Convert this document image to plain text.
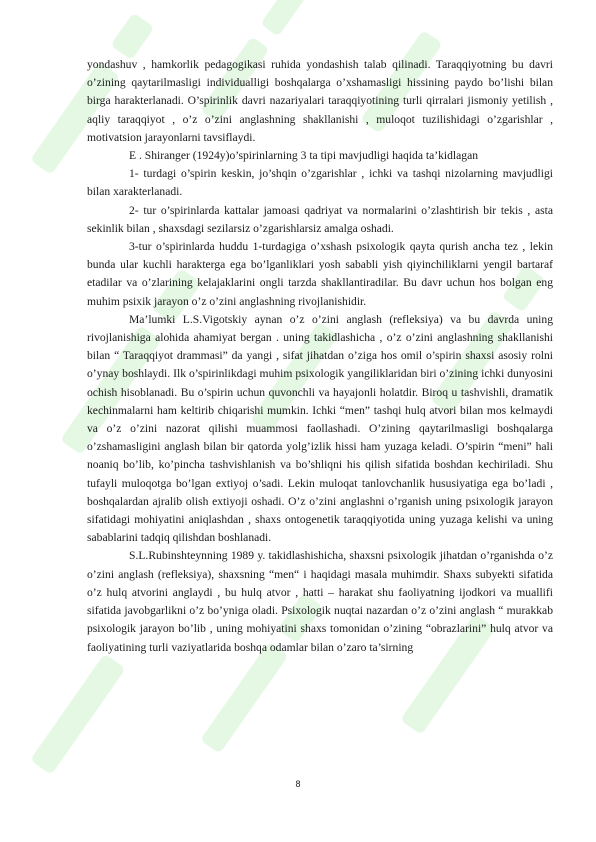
yondashuv , hamkorlik pedagogikasi ruhida yondashish talab qilinadi. Taraqqiyotning bu davri o’zining qaytarilmasligi individualligi boshqalarga o’xshamasligi hissining paydo bo’lishi bilan birga harakterlanadi. O’spirinlik davri nazariyalari taraqqiyotining turli qirralari jismoniy yetilish , aqliy taraqqiyot , o’z o’zini anglashning shakllanishi , muloqot tuzilishidagi o’zgarishlar , motivatsion jarayonlarni tavsiflaydi.

E . Shiranger (1924y)o’spirinlarning 3 ta tipi mavjudligi haqida ta’kidlagan

1- turdagi o’spirin keskin, jo’shqin o’zgarishlar , ichki va tashqi nizolarning mavjudligi bilan xarakterlanadi.

2- tur o’spirinlarda kattalar jamoasi qadriyat va normalarini o’zlashtirish bir tekis , asta sekinlik bilan , shaxsdagi sezilarsiz o’zgarishlarsiz amalga oshadi.

3-tur o’spirinlarda huddu 1-turdagiga o’xshash psixologik qayta qurish ancha tez , lekin bunda ular kuchli harakterga ega bo’lganliklari yosh sababli yish qiyinchiliklarni yengil bartaraf etadilar va o’zlarining kelajaklarini ongli tarzda shakllantiradilar. Bu davr uchun hos bolgan eng muhim psixik jarayon o’z o’zini anglashning rivojlanishidir.

Ma’lumki L.S.Vigotskiy aynan o’z o’zini anglash (refleksiya) va bu davrda uning rivojlanishiga alohida ahamiyat bergan . uning takidlashicha , o’z o’zini anglashning shakllanishi bilan “ Taraqqiyot drammasi” da yangi , sifat jihatdan o’ziga hos omil o’spirin shaxsi asosiy rolni o’ynay boshlaydi. Ilk o’spirinlikdagi muhim psixologik yangiliklaridan biri o’zining ichki dunyosini ochish hisoblanadi. Bu o’spirin uchun quvonchli va hayajonli holatdir. Biroq u tashvishli, dramatik kechinmalarni ham keltirib chiqarishi mumkin. Ichki “men” tashqi hulq atvori bilan mos kelmaydi va o’z o’zini nazorat qilishi muammosi faollashadi. O’zining qaytarilmasligi boshqalarga o’zshamasligini anglash bilan bir qatorda yolg’izlik hissi ham yuzaga keladi. O’spirin “meni” hali noaniq bo’lib, ko’pincha tashvishlanish va bo’shliqni his qilish sifatida boshdan kechiriladi. Shu tufayli muloqotga bo’lgan extiyoj o’sadi. Lekin muloqat tanlovchanlik hususiyatiga ega bo’ladi , boshqalardan ajralib olish extiyoji oshadi. O’z o’zini anglashni o’rganish uning psixologik jarayon sifatidagi mohiyatini aniqlashdan , shaxs ontogenetik taraqqiyotida uning yuzaga kelishi va uning sabablarini tadqiq qilishdan boshlanadi.

S.L.Rubinshteynning 1989 y. takidlashishicha, shaxsni psixologik jihatdan o’rganishda o’z o’zini anglash (refleksiya), shaxsning “men“ i haqidagi masala muhimdir. Shaxs subyekti sifatida o’z hulq atvorini anglaydi , bu hulq atvor , hatti – harakat shu faoliyatning ijodkori va muallifi sifatida javobgarlikni o’z bo’yniga oladi. Psixologik nuqtai nazardan o’z o’zini anglash “ murakkab psixologik jarayon bo’lib , uning mohiyatini shaxs tomonidan o’zining “obrazlarini” hulq atvor va faoliyatining turli vaziyatlarida boshqa odamlar bilan o’zaro ta’sirning

8
